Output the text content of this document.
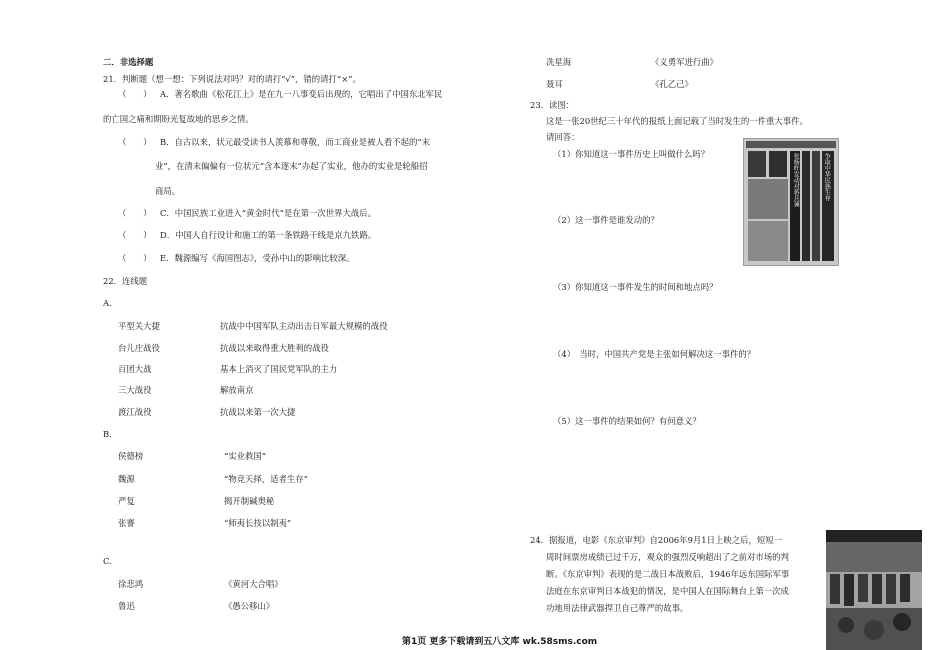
二．非选择题
21．判断题（想一想：下列说法对吗？对的请打“√”，错的请打“×”。
（　　） A．著名歌曲《松花江上》是在九一八事变后出现的，它唱出了中国东北军民
的亡国之痛和期盼光复故地的思乡之情。
（　　） B．自古以来，状元最受读书人羡慕和尊敬，而工商业是被人看不起的“末
业”，在清末偏偏有一位状元“含本逐末”办起了实业，他办的实业是轮船招
商局。
（　　） C．中国民族工业进入“黄金时代”是在第一次世界大战后。
（　　） D．中国人自行设计和施工的第一条铁路干线是京九铁路。
（　　） E．魏源编写《海国图志》，受孙中山的影响比较深。
22．连线题
A．
平型关大捷	抗战中中国军队主动出击日军最大规模的战役
台儿庄战役	抗战以来取得重大胜利的战役
百团大战	基本上消灭了国民党军队的主力
三大战役	解放南京
渡江战役	抗战以来第一次大捷
B．
侯德榜	“实业救国”
魏源	“物竞天择，适者生存”
严复	揭开制碱奥秘
张謇	“师夷长技以制夷”
C．
徐悲鸿	《黄河大合唱》
鲁迅	《愚公移山》
冼星海	《义勇军进行曲》
聂耳	《孔乙己》
23．读图：
这是一张20世纪三十年代的报纸上面记载了当时发生的一件重大事件。
请回答：
（1）你知道这一事件历史上叫做什么吗？
（2）这一事件是谁发动的？
（3）你知道这一事件发生的时间和地点吗？
（4）　当时，中国共产党是主张如何解决这一事件的？
（5）这一事件的结果如何？有何意义？
张杨昨发动对蒋兵谏	争取中华民族生存
24．据报道，电影《东京审判》自2006年9月1日上映之后，短短一
周时间票房成绩已过千万，观众的强烈反响超出了之前对市场的判
断。《东京审判》表现的是二战日本战败后，1946年远东国际军事
法庭在东京审判日本战犯的情况，是中国人在国际舞台上第一次成
功地用法律武器捍卫自己尊严的故事。
第1页 更多下载请到五八文库 wk.58sms.com
